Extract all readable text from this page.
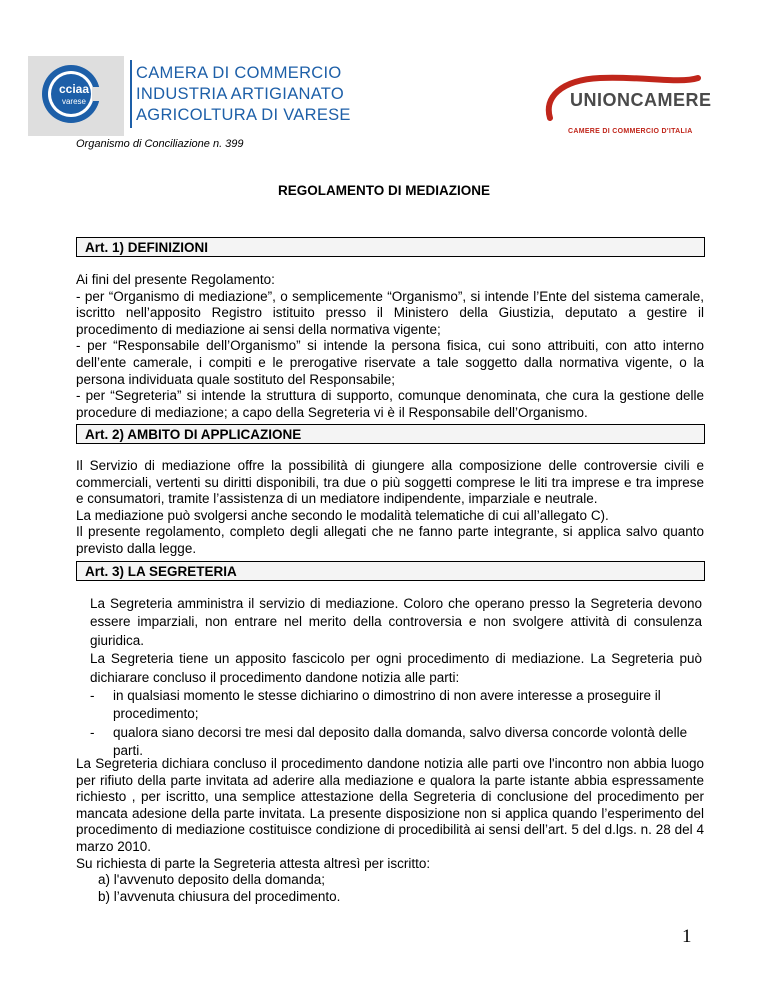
cciaa
varese
CAMERA DI COMMERCIO
INDUSTRIA ARTIGIANATO
AGRICOLTURA DI VARESE
Organismo di Conciliazione n. 399
UNIONCAMERE
CAMERE DI COMMERCIO D'ITALIA
REGOLAMENTO DI MEDIAZIONE
Art. 1) DEFINIZIONI

Ai fini del presente Regolamento:

- per “Organismo di mediazione”, o semplicemente “Organismo”, si intende l’Ente del sistema camerale, iscritto nell’apposito Registro istituito presso il Ministero della Giustizia, deputato a gestire il procedimento di mediazione ai sensi della normativa vigente;

- per “Responsabile dell’Organismo” si intende la persona fisica, cui sono attribuiti, con atto interno dell’ente camerale, i compiti e le prerogative riservate a tale soggetto dalla normativa vigente, o la persona individuata quale sostituto del Responsabile;

- per “Segreteria” si intende la struttura di supporto, comunque denominata, che cura la gestione delle procedure di mediazione; a capo della Segreteria vi è il Responsabile dell’Organismo.

Art. 2) AMBITO DI APPLICAZIONE

Il Servizio di mediazione offre la possibilità di giungere alla composizione delle controversie civili e commerciali, vertenti su diritti disponibili, tra due o più soggetti comprese le liti tra imprese e tra imprese e consumatori, tramite l’assistenza di un mediatore indipendente, imparziale e neutrale.

La mediazione può svolgersi anche secondo le modalità telematiche di cui all’allegato C).

Il presente regolamento, completo degli allegati che ne fanno parte integrante, si applica salvo quanto previsto dalla legge.

Art. 3) LA SEGRETERIA

La Segreteria amministra il servizio di mediazione. Coloro che operano presso la Segreteria devono essere imparziali, non entrare nel merito della controversia e non svolgere attività di consulenza giuridica.

La Segreteria tiene un apposito fascicolo per ogni procedimento di mediazione. La Segreteria può dichiarare concluso il procedimento dandone notizia alle parti:

-	in qualsiasi momento le stesse dichiarino o dimostrino di non avere interesse a proseguire il procedimento;
-	qualora siano decorsi tre mesi dal deposito dalla domanda, salvo diversa concorde volontà delle parti.

La Segreteria dichiara concluso il procedimento dandone notizia alle parti ove l'incontro non abbia luogo per rifiuto della parte invitata ad aderire alla mediazione e qualora la parte istante abbia espressamente richiesto , per iscritto, una semplice attestazione della Segreteria di conclusione del procedimento per mancata adesione della parte invitata. La presente disposizione non si applica quando l’esperimento del procedimento di mediazione costituisce condizione di procedibilità ai sensi dell’art. 5 del d.lgs. n. 28 del 4 marzo 2010.

Su richiesta di parte la Segreteria attesta altresì per iscritto:

a) l'avvenuto deposito della domanda;
b) l’avvenuta chiusura del procedimento.
1
